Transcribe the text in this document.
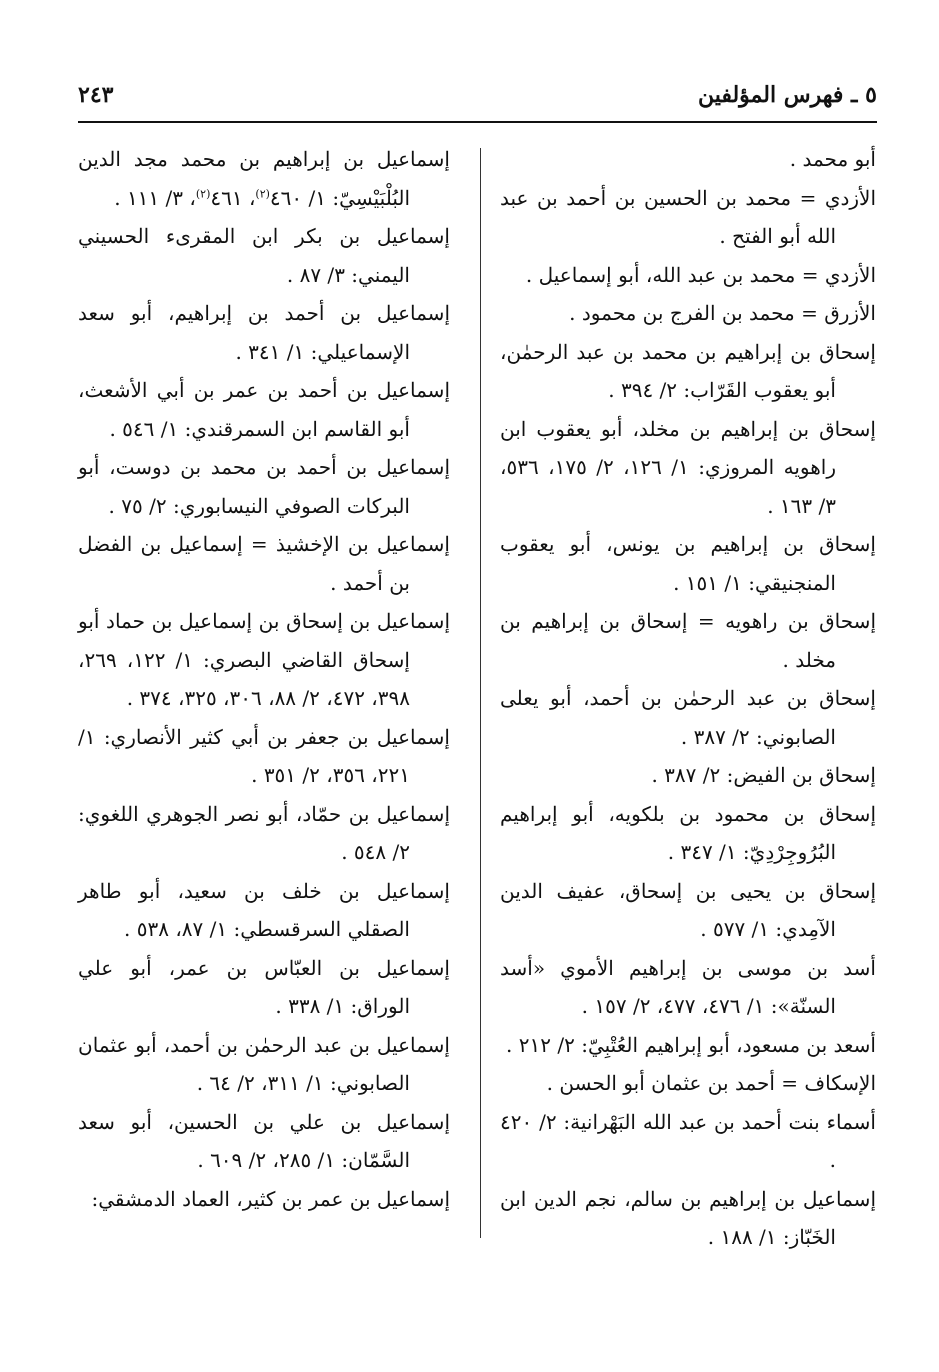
٥ ـ فهرس المؤلفين
٢٤٣
أبو محمد .
الأزدي = محمد بن الحسين بن أحمد بن عبد الله أبو الفتح .
الأزدي = محمد بن عبد الله، أبو إسماعيل .
الأزرق = محمد بن الفرج بن محمود .
إسحاق بن إبراهيم بن محمد بن عبد الرحمٰن، أبو يعقوب القَرّاب: ٢/ ٣٩٤ .
إسحاق بن إبراهيم بن مخلد، أبو يعقوب ابن راهويه المروزي: ١/ ١٢٦، ٢/ ١٧٥، ٥٣٦، ٣/ ١٦٣ .
إسحاق بن إبراهيم بن يونس، أبو يعقوب المنجنيقي: ١/ ١٥١ .
إسحاق بن راهويه = إسحاق بن إبراهيم بن مخلد .
إسحاق بن عبد الرحمٰن بن أحمد، أبو يعلى الصابوني: ٢/ ٣٨٧ .
إسحاق بن الفيض: ٢/ ٣٨٧ .
إسحاق بن محمود بن بلكويه، أبو إبراهيم البُرُوجِرْدِيّ: ١/ ٣٤٧ .
إسحاق بن يحيى بن إسحاق، عفيف الدين الآمِدي: ١/ ٥٧٧ .
أسد بن موسى بن إبراهيم الأموي «أسد السنّة»: ١/ ٤٧٦، ٤٧٧، ٢/ ١٥٧ .
أسعد بن مسعود، أبو إبراهيم العُتْبِيّ: ٢/ ٢١٢ .
الإسكاف = أحمد بن عثمان أبو الحسن .
أسماء بنت أحمد بن عبد الله البَهْرانية: ٢/ ٤٢٠ .
إسماعيل بن إبراهيم بن سالم، نجم الدين ابن الخَبّاز: ١/ ١٨٨ .
إسماعيل بن إبراهيم بن محمد مجد الدين البُلْبَيْسِيّ: ١/ ٤٦٠$^{(٢)}$، ٤٦١$^{(٢)}$، ٣/ ١١١ .
إسماعيل بن بكر ابن المقرىء الحسيني اليمني: ٣/ ٨٧ .
إسماعيل بن أحمد بن إبراهيم، أبو سعد الإسماعيلي: ١/ ٣٤١ .
إسماعيل بن أحمد بن عمر بن أبي الأشعث، أبو القاسم ابن السمرقندي: ١/ ٥٤٦ .
إسماعيل بن أحمد بن محمد بن دوست، أبو البركات الصوفي النيسابوري: ٢/ ٧٥ .
إسماعيل بن الإخشيذ = إسماعيل بن الفضل بن أحمد .
إسماعيل بن إسحاق بن إسماعيل بن حماد أبو إسحاق القاضي البصري: ١/ ١٢٢، ٢٦٩، ٣٩٨، ٤٧٢، ٢/ ٨٨، ٣٠٦، ٣٢٥، ٣٧٤ .
إسماعيل بن جعفر بن أبي كثير الأنصاري: ١/ ٢٢١، ٣٥٦، ٢/ ٣٥١ .
إسماعيل بن حمّاد، أبو نصر الجوهري اللغوي: ٢/ ٥٤٨ .
إسماعيل بن خلف بن سعيد، أبو طاهر الصقلي السرقسطي: ١/ ٨٧، ٥٣٨ .
إسماعيل بن العبّاس بن عمر، أبو علي الوراق: ١/ ٣٣٨ .
إسماعيل بن عبد الرحمٰن بن أحمد، أبو عثمان الصابوني: ١/ ٣١١، ٢/ ٦٤ .
إسماعيل بن علي بن الحسين، أبو سعد السَّمّان: ١/ ٢٨٥، ٢/ ٦٠٩ .
إسماعيل بن عمر بن كثير، العماد الدمشقي:
